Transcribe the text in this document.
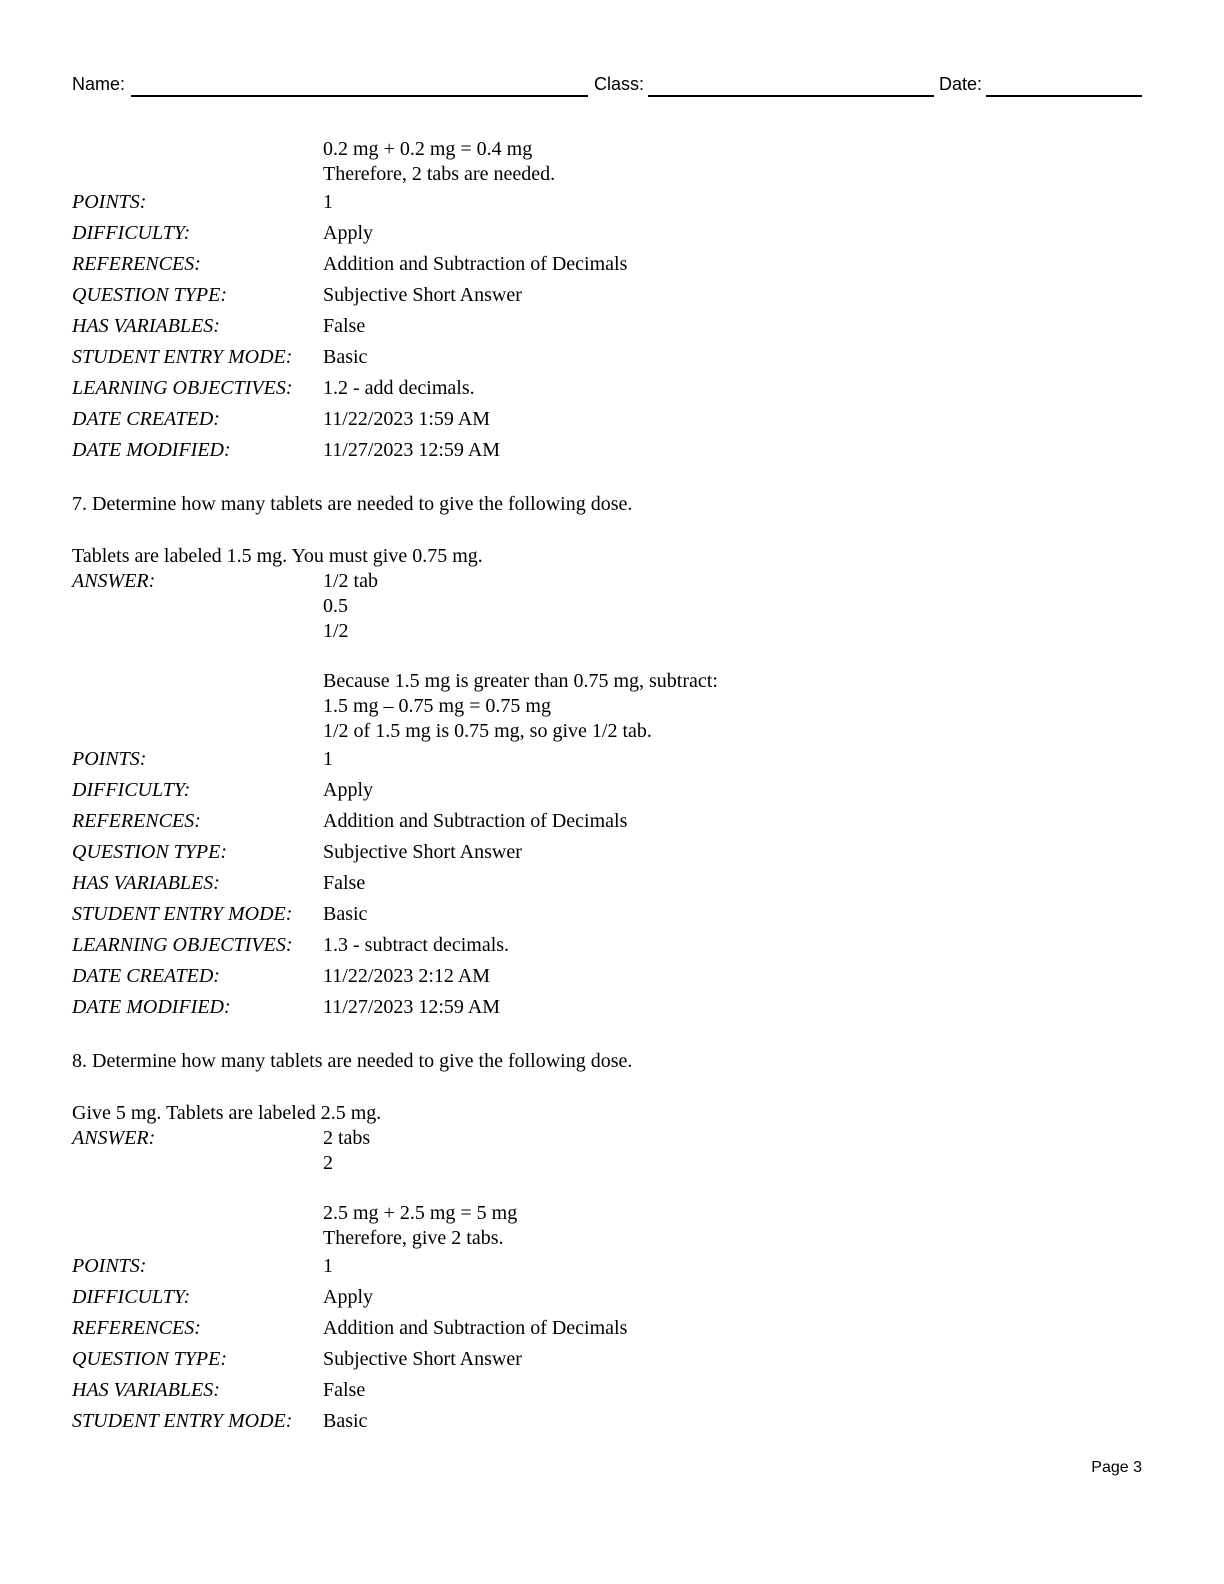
Name:	Class:	Date:
0.2 mg + 0.2 mg = 0.4 mg
Therefore, 2 tabs are needed.
POINTS:	1
DIFFICULTY:	Apply
REFERENCES:	Addition and Subtraction of Decimals
QUESTION TYPE:	Subjective Short Answer
HAS VARIABLES:	False
STUDENT ENTRY MODE:	Basic
LEARNING OBJECTIVES:	1.2 - add decimals.
DATE CREATED:	11/22/2023 1:59 AM
DATE MODIFIED:	11/27/2023 12:59 AM
7. Determine how many tablets are needed to give the following dose.
Tablets are labeled 1.5 mg. You must give 0.75 mg.
ANSWER:	1/2 tab
0.5
1/2
Because 1.5 mg is greater than 0.75 mg, subtract:
1.5 mg – 0.75 mg = 0.75 mg
1/2 of 1.5 mg is 0.75 mg, so give 1/2 tab.
POINTS:	1
DIFFICULTY:	Apply
REFERENCES:	Addition and Subtraction of Decimals
QUESTION TYPE:	Subjective Short Answer
HAS VARIABLES:	False
STUDENT ENTRY MODE:	Basic
LEARNING OBJECTIVES:	1.3 - subtract decimals.
DATE CREATED:	11/22/2023 2:12 AM
DATE MODIFIED:	11/27/2023 12:59 AM
8. Determine how many tablets are needed to give the following dose.
Give 5 mg. Tablets are labeled 2.5 mg.
ANSWER:	2 tabs
2
2.5 mg + 2.5 mg = 5 mg
Therefore, give 2 tabs.
POINTS:	1
DIFFICULTY:	Apply
REFERENCES:	Addition and Subtraction of Decimals
QUESTION TYPE:	Subjective Short Answer
HAS VARIABLES:	False
STUDENT ENTRY MODE:	Basic
Page 3
